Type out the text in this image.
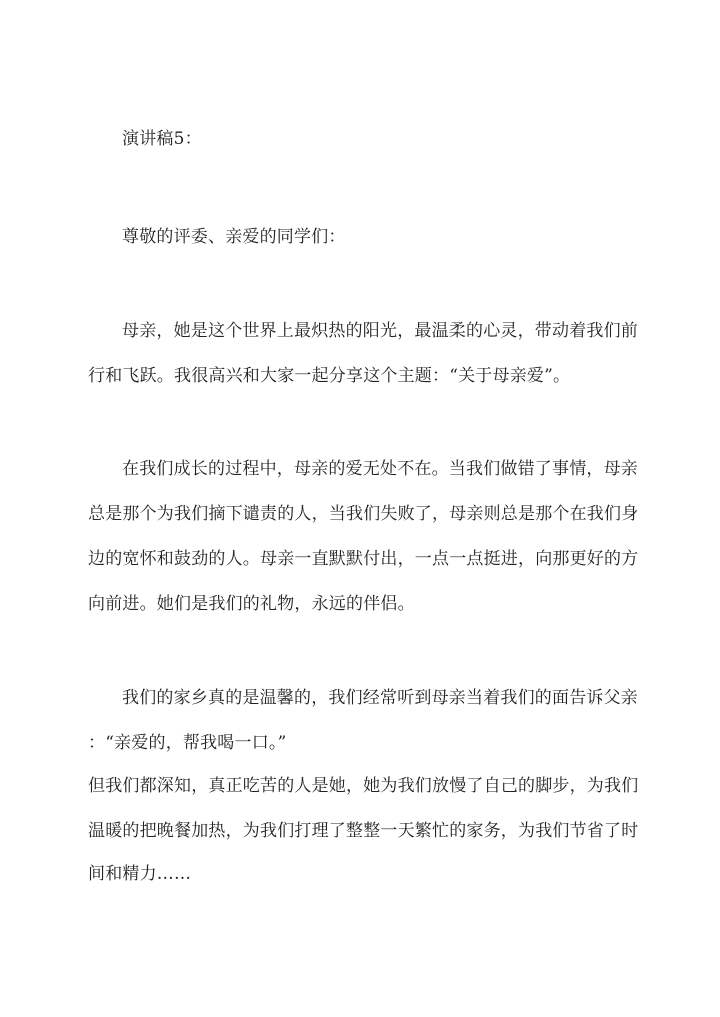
演讲稿5：
尊敬的评委、亲爱的同学们：
母亲，她是这个世界上最炽热的阳光，最温柔的心灵，带动着我们前
行和飞跃。我很高兴和大家一起分享这个主题：“关于母亲爱”。
在我们成长的过程中，母亲的爱无处不在。当我们做错了事情，母亲
总是那个为我们摘下谴责的人，当我们失败了，母亲则总是那个在我们身
边的宽怀和鼓劲的人。母亲一直默默付出，一点一点挺进，向那更好的方
向前进。她们是我们的礼物，永远的伴侣。
我们的家乡真的是温馨的，我们经常听到母亲当着我们的面告诉父亲
：“亲爱的，帮我喝一口。”
但我们都深知，真正吃苦的人是她，她为我们放慢了自己的脚步，为我们
温暖的把晚餐加热，为我们打理了整整一天繁忙的家务，为我们节省了时
间和精力……
